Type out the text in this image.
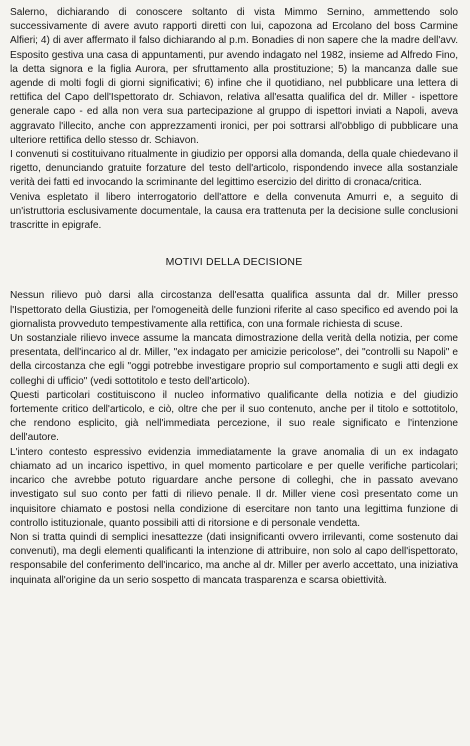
Salerno, dichiarando di conoscere soltanto di vista Mimmo Sernino, ammettendo solo successivamente di avere avuto rapporti diretti con lui, capozona ad Ercolano del boss Carmine Alfieri; 4) di aver affermato il falso dichiarando al p.m. Bonadies di non sapere che la madre dell'avv. Esposito gestiva una casa di appuntamenti, pur avendo indagato nel 1982, insieme ad Alfredo Fino, la detta signora e la figlia Aurora, per sfruttamento alla prostituzione; 5) la mancanza dalle sue agende di molti fogli di giorni significativi; 6) infine che il quotidiano, nel pubblicare una lettera di rettifica del Capo dell'Ispettorato dr. Schiavon, relativa all'esatta qualifica del dr. Miller - ispettore generale capo - ed alla non vera sua partecipazione al gruppo di ispettori inviati a Napoli, aveva aggravato l'illecito, anche con apprezzamenti ironici, per poi sottrarsi all'obbligo di pubblicare una ulteriore rettifica dello stesso dr. Schiavon.

I convenuti si costituivano ritualmente in giudizio per opporsi alla domanda, della quale chiedevano il rigetto, denunciando gratuite forzature del testo dell'articolo, rispondendo invece alla sostanziale verità dei fatti ed invocando la scriminante del legittimo esercizio del diritto di cronaca/critica.

Veniva espletato il libero interrogatorio dell'attore e della convenuta Amurri e, a seguito di un'istruttoria esclusivamente documentale, la causa era trattenuta per la decisione sulle conclusioni trascritte in epigrafe.

MOTIVI DELLA DECISIONE

Nessun rilievo può darsi alla circostanza dell'esatta qualifica assunta dal dr. Miller presso l'Ispettorato della Giustizia, per l'omogeneità delle funzioni riferite al caso specifico ed avendo poi la giornalista provveduto tempestivamente alla rettifica, con una formale richiesta di scuse.

Un sostanziale rilievo invece assume la mancata dimostrazione della verità della notizia, per come presentata, dell'incarico al dr. Miller, "ex indagato per amicizie pericolose", dei "controlli su Napoli" e della circostanza che egli "oggi potrebbe investigare proprio sul comportamento e sugli atti degli ex colleghi di ufficio" (vedi sottotitolo e testo dell'articolo).

Questi particolari costituiscono il nucleo informativo qualificante della notizia e del giudizio fortemente critico dell'articolo, e ciò, oltre che per il suo contenuto, anche per il titolo e sottotitolo, che rendono esplicito, già nell'immediata percezione, il suo reale significato e l'intenzione dell'autore.

L'intero contesto espressivo evidenzia immediatamente la grave anomalia di un ex indagato chiamato ad un incarico ispettivo, in quel momento particolare e per quelle verifiche particolari; incarico che avrebbe potuto riguardare anche persone di colleghi, che in passato avevano investigato sul suo conto per fatti di rilievo penale. Il dr. Miller viene così presentato come un inquisitore chiamato e postosi nella condizione di esercitare non tanto una legittima funzione di controllo istituzionale, quanto possibili atti di ritorsione e di personale vendetta.

Non si tratta quindi di semplici inesattezze (dati insignificanti ovvero irrilevanti, come sostenuto dai convenuti), ma degli elementi qualificanti la intenzione di attribuire, non solo al capo dell'ispettorato, responsabile del conferimento dell'incarico, ma anche al dr. Miller per averlo accettato, una iniziativa inquinata all'origine da un serio sospetto di mancata trasparenza e scarsa obiettività.
